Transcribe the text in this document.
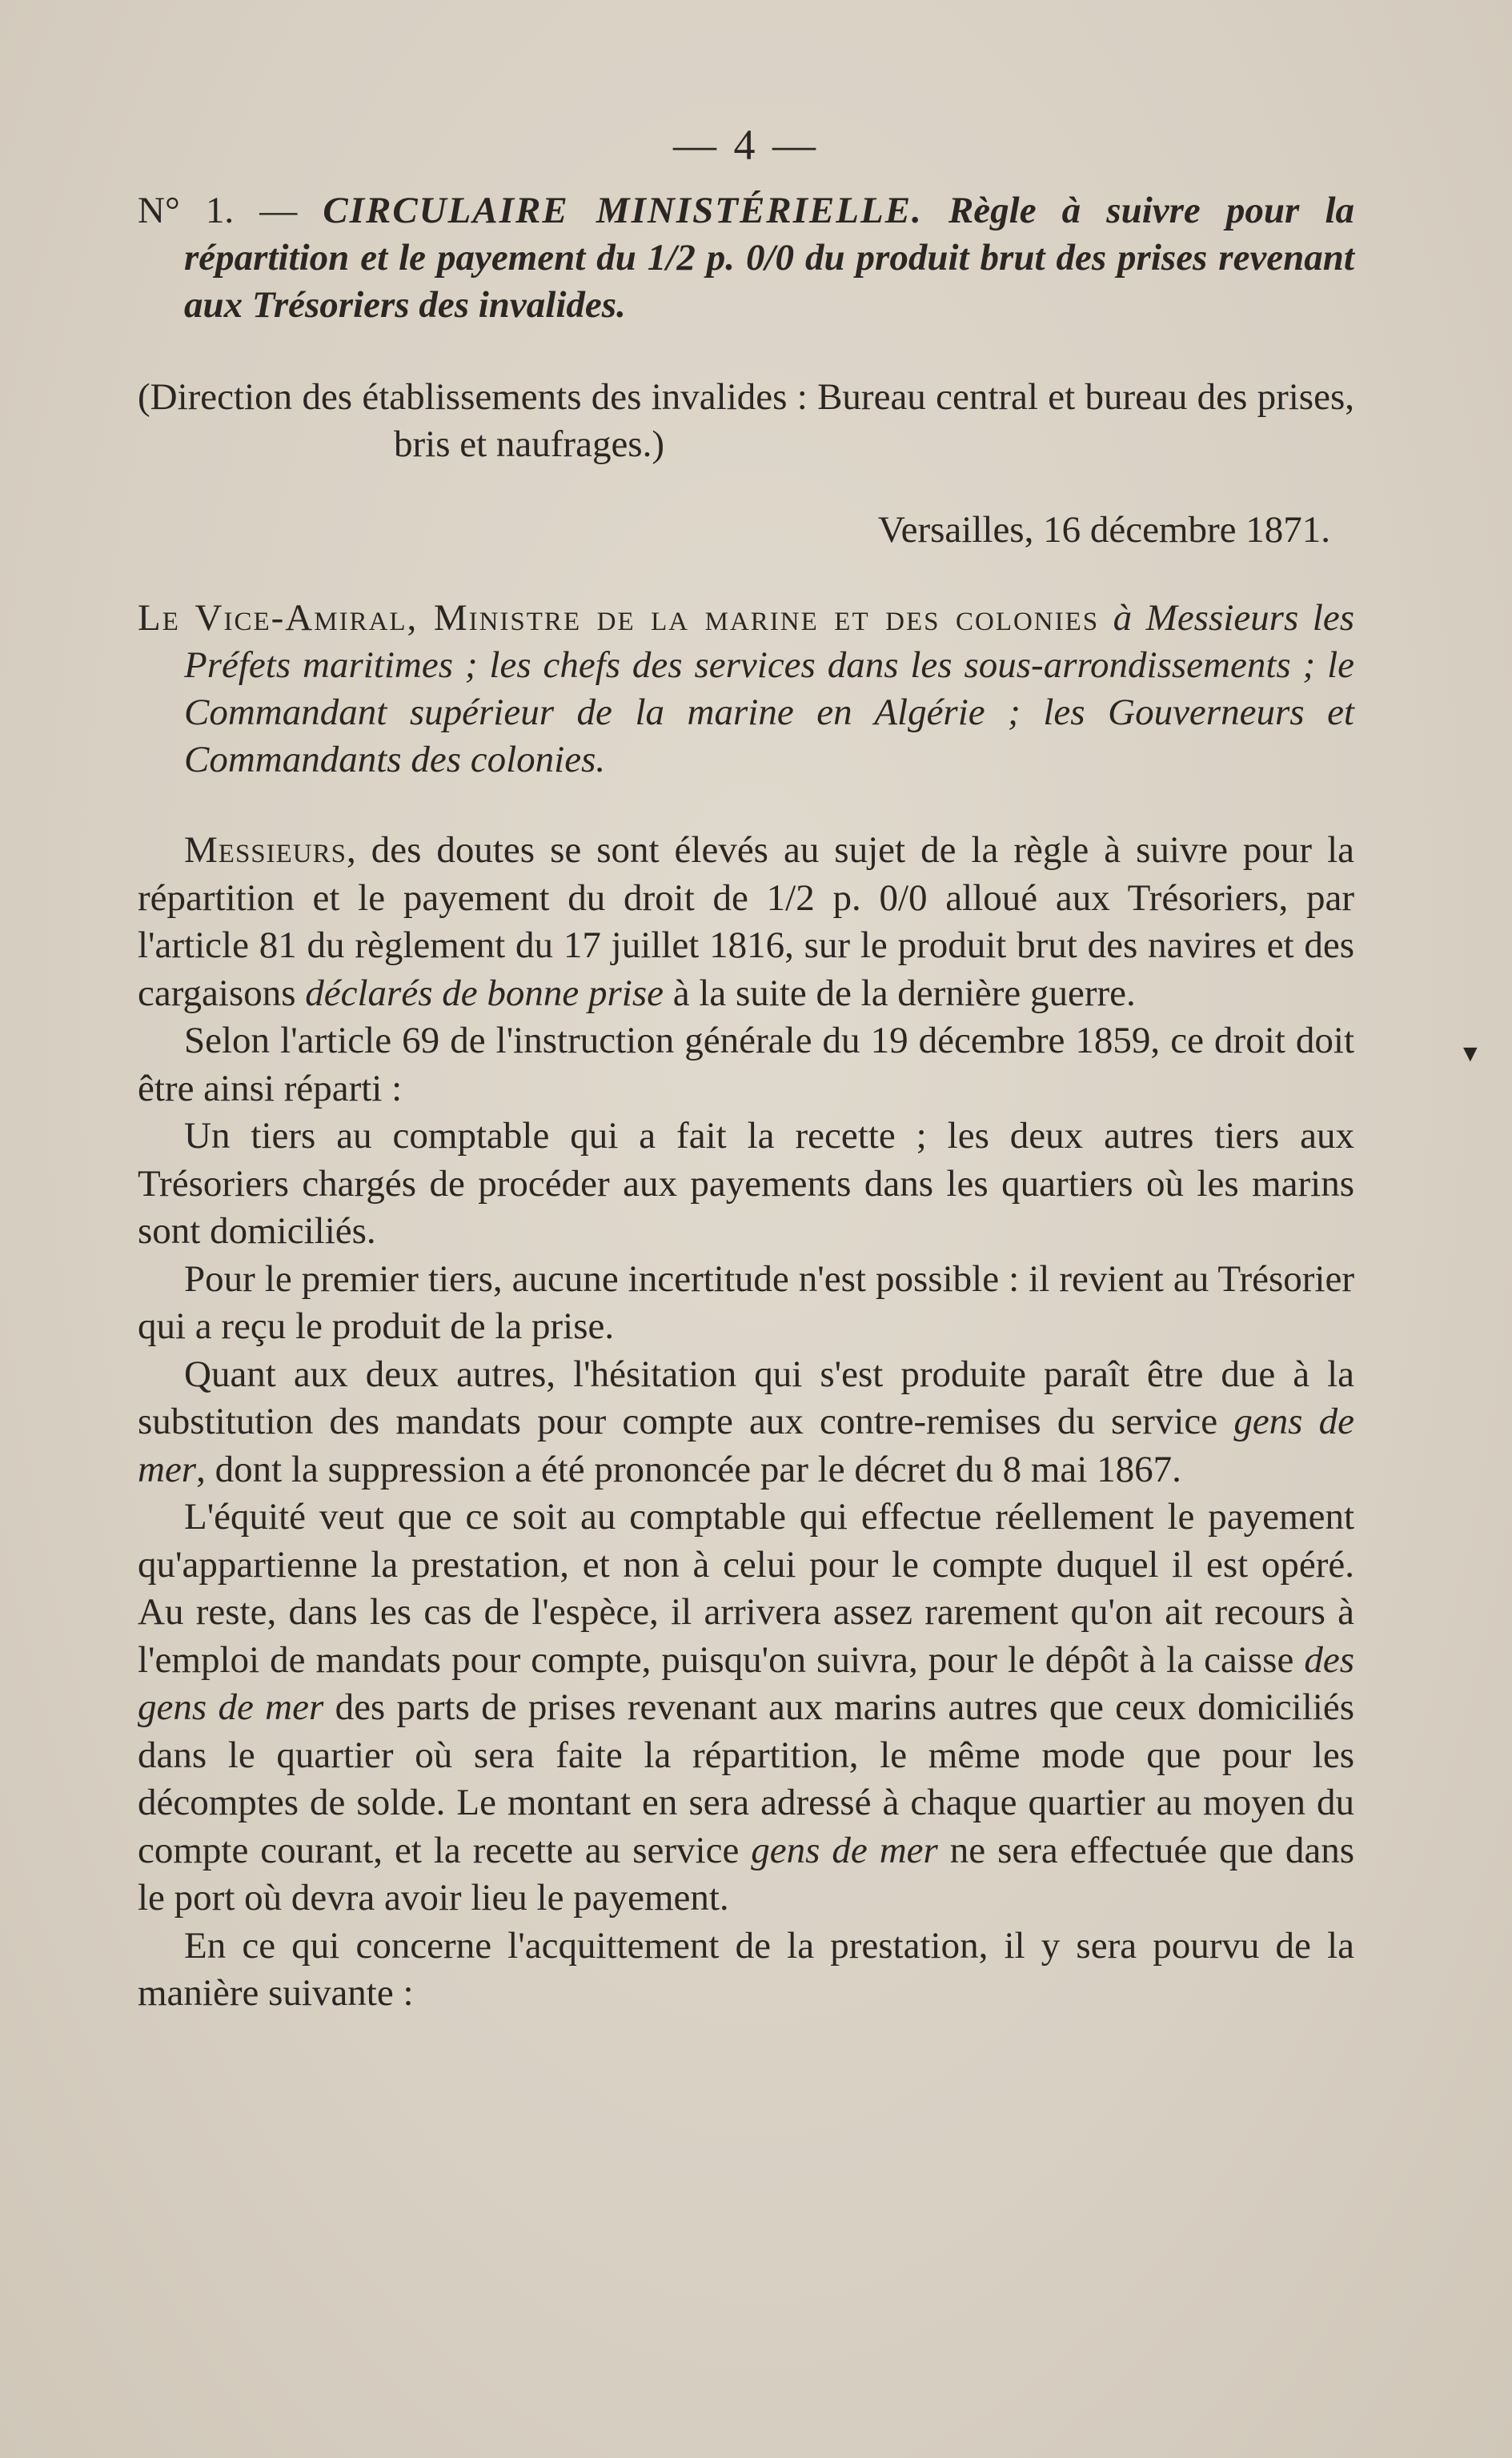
— 4 —

N° 1. — CIRCULAIRE MINISTÉRIELLE. Règle à suivre pour la répartition et le payement du 1/2 p. 0/0 du produit brut des prises revenant aux Trésoriers des invalides.

(Direction des établissements des invalides : Bureau central et bureau des prises, bris et naufrages.)

Versailles, 16 décembre 1871.

Le Vice-Amiral, Ministre de la marine et des colonies à Messieurs les Préfets maritimes ; les chefs des services dans les sous-arrondissements ; le Commandant supérieur de la marine en Algérie ; les Gouverneurs et Commandants des colonies.

Messieurs, des doutes se sont élevés au sujet de la règle à suivre pour la répartition et le payement du droit de 1/2 p. 0/0 alloué aux Trésoriers, par l'article 81 du règlement du 17 juillet 1816, sur le produit brut des navires et des cargaisons déclarés de bonne prise à la suite de la dernière guerre.

Selon l'article 69 de l'instruction générale du 19 décembre 1859, ce droit doit être ainsi réparti :

Un tiers au comptable qui a fait la recette ; les deux autres tiers aux Trésoriers chargés de procéder aux payements dans les quartiers où les marins sont domiciliés.

Pour le premier tiers, aucune incertitude n'est possible : il revient au Trésorier qui a reçu le produit de la prise.

Quant aux deux autres, l'hésitation qui s'est produite paraît être due à la substitution des mandats pour compte aux contre-remises du service gens de mer, dont la suppression a été prononcée par le décret du 8 mai 1867.

L'équité veut que ce soit au comptable qui effectue réellement le payement qu'appartienne la prestation, et non à celui pour le compte duquel il est opéré. Au reste, dans les cas de l'espèce, il arrivera assez rarement qu'on ait recours à l'emploi de mandats pour compte, puisqu'on suivra, pour le dépôt à la caisse des gens de mer des parts de prises revenant aux marins autres que ceux domiciliés dans le quartier où sera faite la répartition, le même mode que pour les décomptes de solde. Le montant en sera adressé à chaque quartier au moyen du compte courant, et la recette au service gens de mer ne sera effectuée que dans le port où devra avoir lieu le payement.

En ce qui concerne l'acquittement de la prestation, il y sera pourvu de la manière suivante :

▼
